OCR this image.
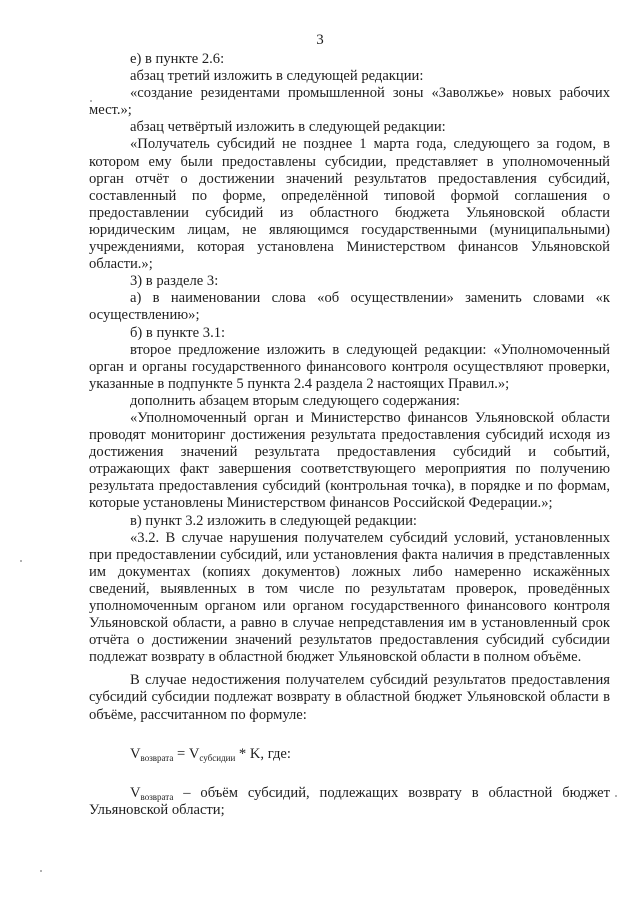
3

е) в пункте 2.6:

абзац третий изложить в следующей редакции:

«создание резидентами промышленной зоны «Заволжье» новых рабочих мест.»;

абзац четвёртый изложить в следующей редакции:

«Получатель субсидий не позднее 1 марта года, следующего за годом, в котором ему были предоставлены субсидии, представляет в уполномоченный орган отчёт о достижении значений результатов предоставления субсидий, составленный по форме, определённой типовой формой соглашения о предоставлении субсидий из областного бюджета Ульяновской области юридическим лицам, не являющимся государственными (муниципальными) учреждениями, которая установлена Министерством финансов Ульяновской области.»;

3) в разделе 3:

а) в наименовании слова «об осуществлении» заменить словами «к осуществлению»;

б) в пункте 3.1:

второе предложение изложить в следующей редакции: «Уполномоченный орган и органы государственного финансового контроля осуществляют проверки, указанные в подпункте 5 пункта 2.4 раздела 2 настоящих Правил.»;

дополнить абзацем вторым следующего содержания:

«Уполномоченный орган и Министерство финансов Ульяновской области проводят мониторинг достижения результата предоставления субсидий исходя из достижения значений результата предоставления субсидий и событий, отражающих факт завершения соответствующего мероприятия по получению результата предоставления субсидий (контрольная точка), в порядке и по формам, которые установлены Министерством финансов Российской Федерации.»;

в) пункт 3.2 изложить в следующей редакции:

«3.2. В случае нарушения получателем субсидий условий, установленных при предоставлении субсидий, или установления факта наличия в представленных им документах (копиях документов) ложных либо намеренно искажённых сведений, выявленных в том числе по результатам проверок, проведённых уполномоченным органом или органом государственного финансового контроля Ульяновской области, а равно в случае непредставления им в установленный срок отчёта о достижении значений результатов предоставления субсидий субсидии подлежат возврату в областной бюджет Ульяновской области в полном объёме.

В случае недостижения получателем субсидий результатов предоставления субсидий субсидии подлежат возврату в областной бюджет Ульяновской области в объёме, рассчитанном по формуле:

$V_{возврата} = V_{субсидии} * K$, где:

$V_{возврата}$ – объём субсидий, подлежащих возврату в областной бюджет Ульяновской области;
